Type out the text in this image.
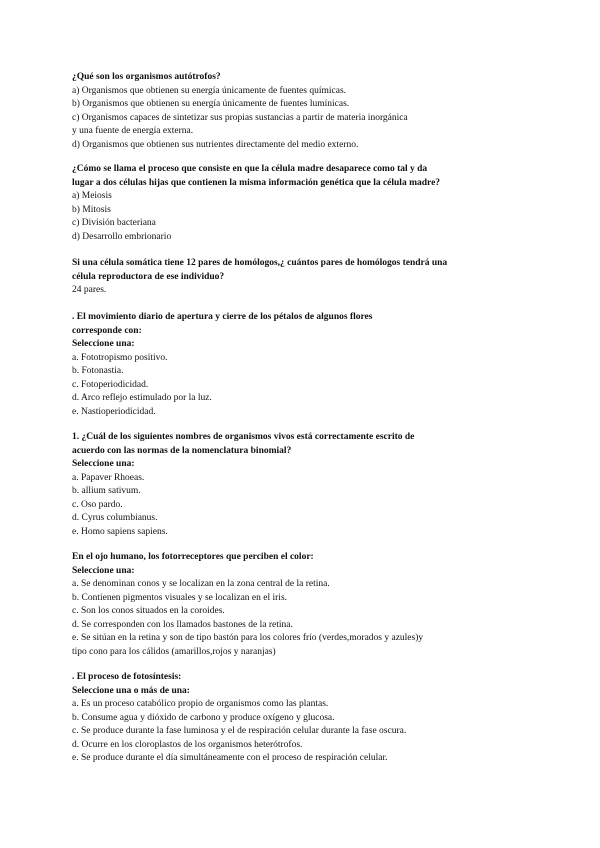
¿Qué son los organismos autótrofos?
a) Organismos que obtienen su energía únicamente de fuentes químicas.
b) Organismos que obtienen su energía únicamente de fuentes lumínicas.
c) Organismos capaces de sintetizar sus propias sustancias a partir de materia inorgánica
y una fuente de energía externa.
d) Organismos que obtienen sus nutrientes directamente del medio externo.
¿Cómo se llama el proceso que consiste en que la célula madre desaparece como tal y da
lugar a dos células hijas que contienen la misma información genética que la célula madre?
a) Meiosis
b) Mitosis
c) División bacteriana
d) Desarrollo embrionario
Si una célula somática tiene 12 pares de homólogos,¿ cuántos pares de homólogos tendrá una
célula reproductora de ese individuo?
24 pares.
. El movimiento diario de apertura y cierre de los pétalos de algunos flores
corresponde con:
Seleccione una:
a. Fototropismo positivo.
b. Fotonastia.
c. Fotoperiodicidad.
d. Arco reflejo estimulado por la luz.
e. Nastioperiodicidad.
1. ¿Cuál de los siguientes nombres de organismos vivos está correctamente escrito de
acuerdo con las normas de la nomenclatura binomial?
Seleccione una:
a. Papaver Rhoeas.
b. allium sativum.
c. Oso pardo.
d. Cyrus columbianus.
e. Homo sapiens sapiens.
En el ojo humano, los fotorreceptores que perciben el color:
Seleccione una:
a. Se denominan conos y se localizan en la zona central de la retina.
b. Contienen pigmentos visuales y se localizan en el iris.
c. Son los conos situados en la coroides.
d. Se corresponden con los llamados bastones de la retina.
e. Se sitúan en la retina y son de tipo bastón para los colores frío (verdes,morados y azules)y
tipo cono para los cálidos (amarillos,rojos y naranjas)
. El proceso de fotosíntesis:
Seleccione una o más de una:
a. Es un proceso catabólico propio de organismos como las plantas.
b. Consume agua y dióxido de carbono y produce oxígeno y glucosa.
c. Se produce durante la fase luminosa y el de respiración celular durante la fase oscura.
d. Ocurre en los cloroplastos de los organismos heterótrofos.
e. Se produce durante el día simultáneamente con el proceso de respiración celular.
